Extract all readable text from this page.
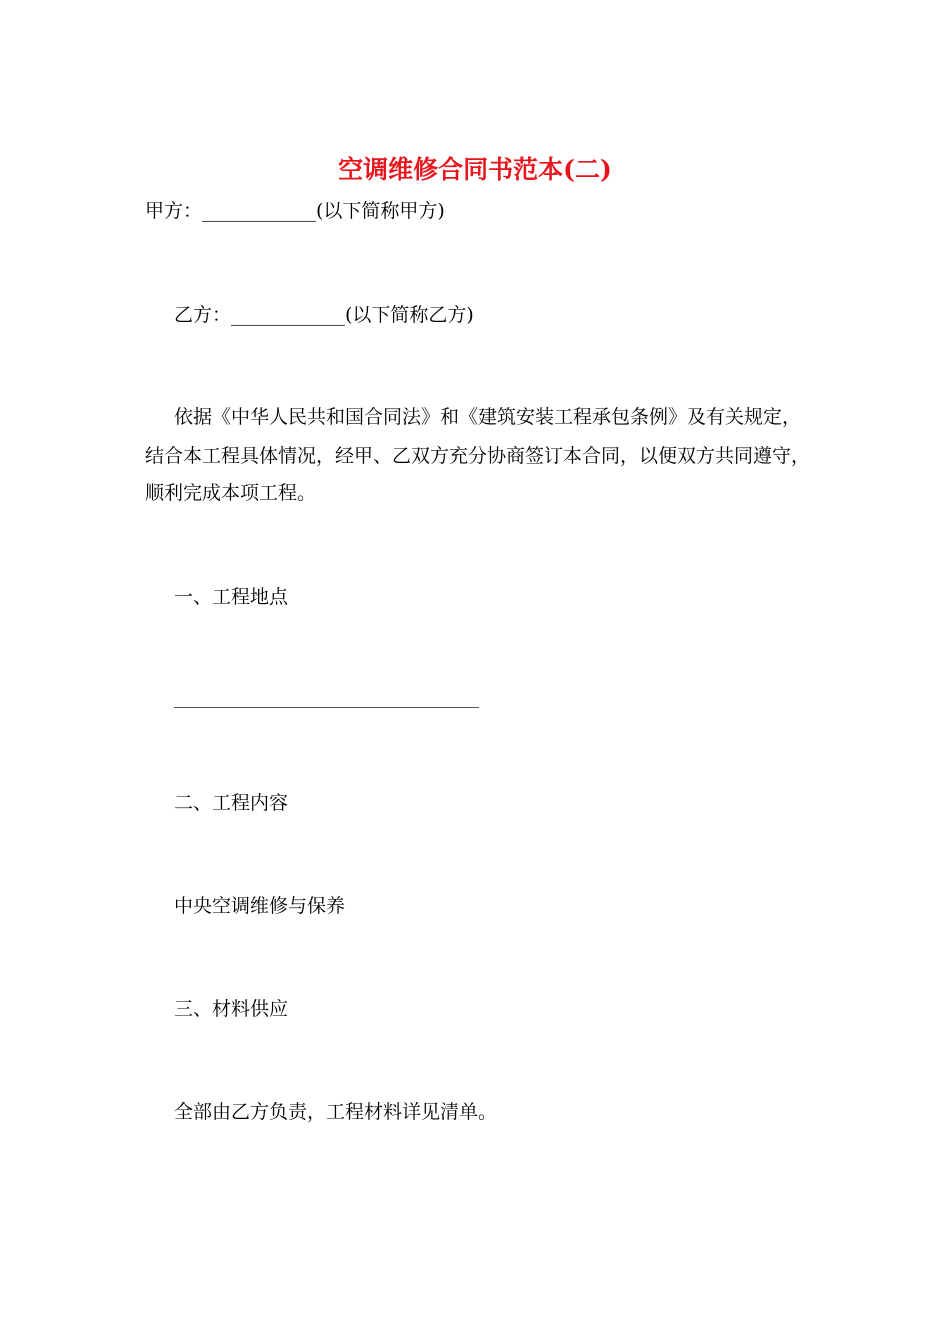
空调维修合同书范本(二)
甲方：____________(以下简称甲方)
乙方：____________(以下简称乙方)
依据《中华人民共和国合同法》和《建筑安装工程承包条例》及有关规定，
结合本工程具体情况，经甲、乙双方充分协商签订本合同，以便双方共同遵守，
顺利完成本项工程。
一、工程地点
二、工程内容
中央空调维修与保养
三、材料供应
全部由乙方负责，工程材料详见清单。
